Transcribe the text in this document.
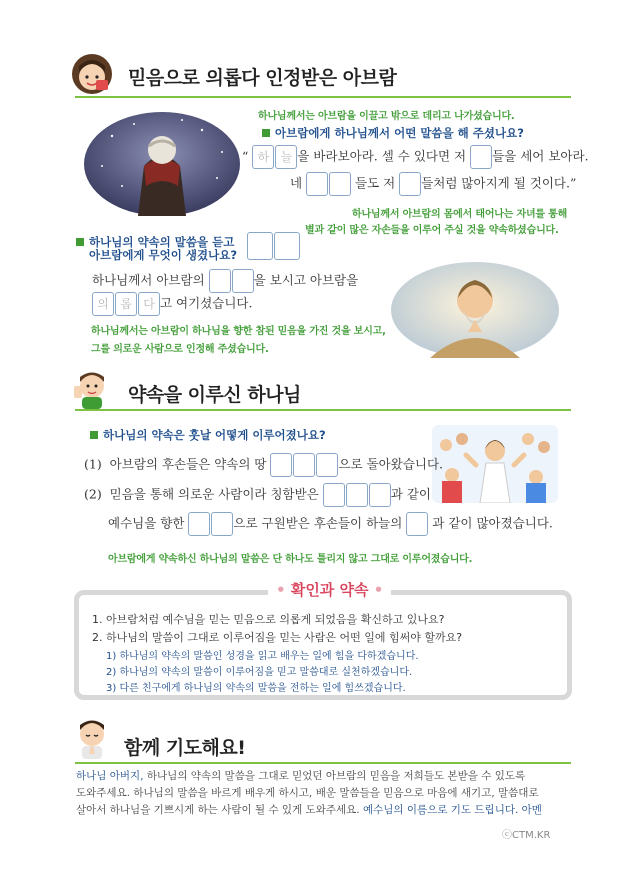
믿음으로 의롭다 인정받은 아브람
하나님께서는 아브람을 이끌고 밖으로 데리고 나가셨습니다.
아브람에게 하나님께서 어떤 말씀을 해 주셨나요?
“ 하 늘 을 바라보아라. 셀 수 있다면 저 들을 세어 보아라.
네	들도 저 들처럼 많아지게 될 것이다.”
하나님께서 아브람의 몸에서 태어나는 자녀를 통해
별과 같이 많은 자손들을 이루어 주실 것을 약속하셨습니다.
하나님의 약속의 말씀을 듣고
아브람에게 무엇이 생겼나요?
하나님께서 아브람의	을 보시고 아브람을
의 롭 다 고 여기셨습니다.
하나님께서는 아브람이 하나님을 향한 참된 믿음을 가진 것을 보시고,
그를 의로운 사람으로 인정해 주셨습니다.
약속을 이루신 하나님
하나님의 약속은 훗날 어떻게 이루어졌나요?
(1) 아브람의 후손들은 약속의 땅	으로 돌아왔습니다.
(2) 믿음을 통해 의로운 사람이라 칭함받은	과 같이
예수님을 향한	으로 구원받은 후손들이 하늘의 과 같이 많아졌습니다.
아브람에게 약속하신 하나님의 말씀은 단 하나도 틀리지 않고 그대로 이루어졌습니다.
• 확인과 약속 •
1. 아브람처럼 예수님을 믿는 믿음으로 의롭게 되었음을 확신하고 있나요?
2. 하나님의 말씀이 그대로 이루어짐을 믿는 사람은 어떤 일에 힘써야 할까요?
1) 하나님의 약속의 말씀인 성경을 읽고 배우는 일에 힘을 다하겠습니다.
2) 하나님의 약속의 말씀이 이루어짐을 믿고 말씀대로 실천하겠습니다.
3) 다른 친구에게 하나님의 약속의 말씀을 전하는 일에 힘쓰겠습니다.
함께 기도해요!
하나님 아버지, 하나님의 약속의 말씀을 그대로 믿었던 아브람의 믿음을 저희들도 본받을 수 있도록
도와주세요. 하나님의 말씀을 바르게 배우게 하시고, 배운 말씀들을 믿음으로 마음에 새기고, 말씀대로
살아서 하나님을 기쁘시게 하는 사람이 될 수 있게 도와주세요. 예수님의 이름으로 기도 드립니다. 아멘
ⓒCTM.KR
